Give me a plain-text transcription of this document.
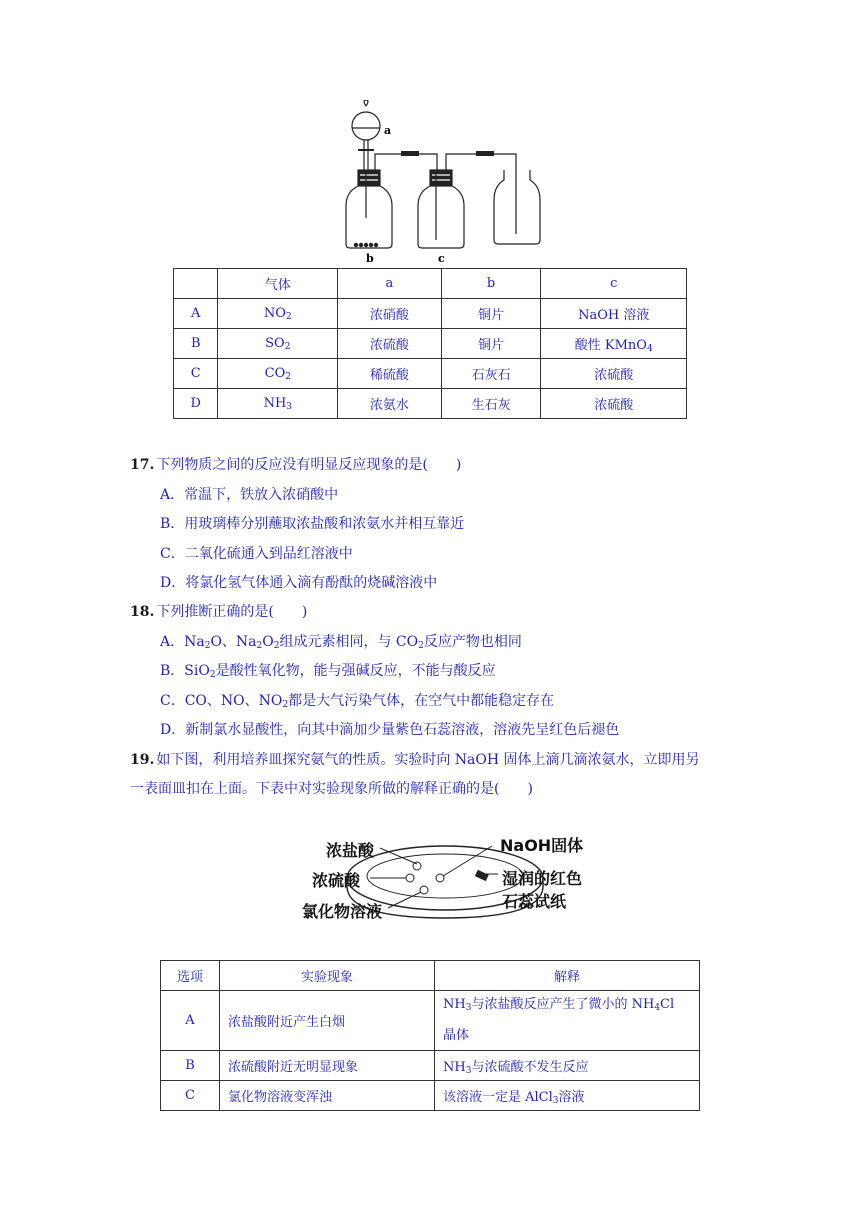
a
b	c
	气体	a	b	c
A	$NO_2$	浓硝酸	铜片	NaOH 溶液
B	$SO_2$	浓硫酸	铜片	酸性 KMnO$_4$
C	$CO_2$	稀硫酸	石灰石	浓硫酸
D	$NH_3$	浓氨水	生石灰	浓硫酸
17. 下列物质之间的反应没有明显反应现象的是(　　)
A．常温下，铁放入浓硝酸中
B．用玻璃棒分别蘸取浓盐酸和浓氨水并相互靠近
C．二氧化硫通入到品红溶液中
D．将氯化氢气体通入滴有酚酞的烧碱溶液中
18. 下列推断正确的是(　　)
A．$Na_2O$、$Na_2O_2$组成元素相同，与 $CO_2$反应产物也相同
B．SiO$_2$是酸性氧化物，能与强碱反应，不能与酸反应
C．CO、NO、$NO_2$都是大气污染气体，在空气中都能稳定存在
D．新制氯水显酸性，向其中滴加少量紫色石蕊溶液，溶液先呈红色后褪色
19. 如下图，利用培养皿探究氨气的性质。实验时向 NaOH 固体上滴几滴浓氨水，立即用另
一表面皿扣在上面。下表中对实验现象所做的解释正确的是(　　)
浓盐酸
浓硫酸
氯化物溶液
NaOH固体
湿润的红色
石蕊试纸
选项	实验现象	解释
A	浓盐酸附近产生白烟	$NH_3$与浓盐酸反应产生了微小的 $NH_4Cl$
晶体
B	浓硫酸附近无明显现象	$NH_3$与浓硫酸不发生反应
C	氯化物溶液变浑浊	该溶液一定是 AlCl$_3$溶液
